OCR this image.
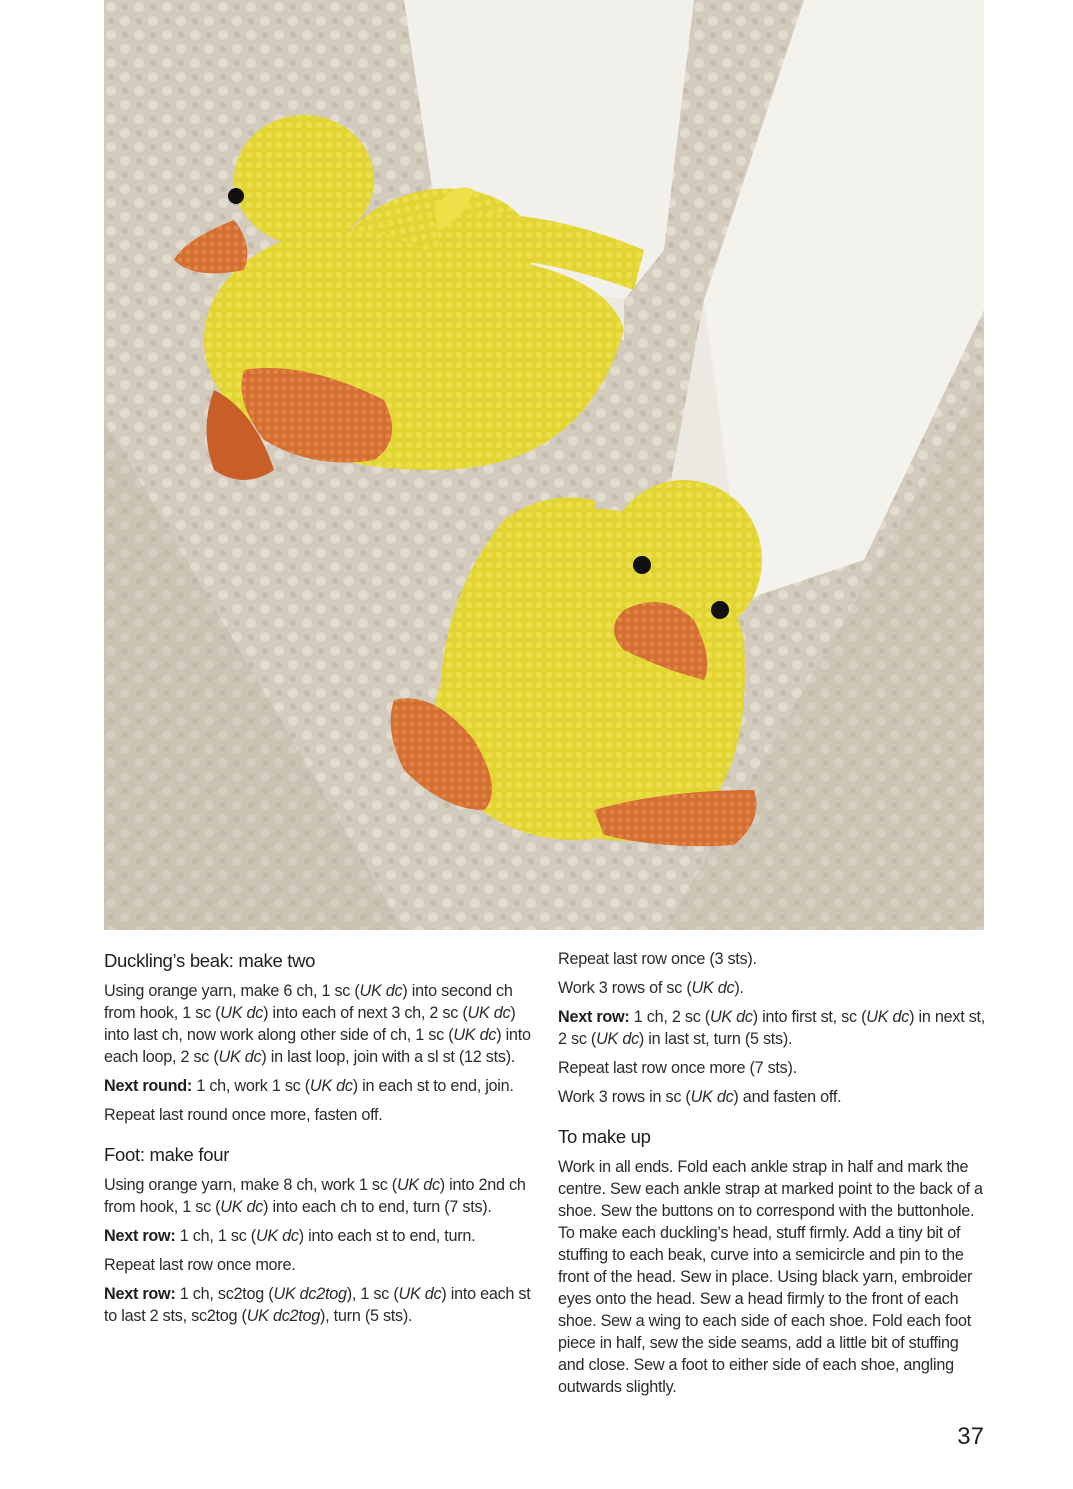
Duckling’s beak: make two

Using orange yarn, make 6 ch, 1 sc (UK dc) into second ch from hook, 1 sc (UK dc) into each of next 3 ch, 2 sc (UK dc) into last ch, now work along other side of ch, 1 sc (UK dc) into each loop, 2 sc (UK dc) in last loop, join with a sl st (12 sts).

Next round: 1 ch, work 1 sc (UK dc) in each st to end, join.

Repeat last round once more, fasten off.

Foot: make four

Using orange yarn, make 8 ch, work 1 sc (UK dc) into 2nd ch from hook, 1 sc (UK dc) into each ch to end, turn (7 sts).

Next row: 1 ch, 1 sc (UK dc) into each st to end, turn.

Repeat last row once more.

Next row: 1 ch, sc2tog (UK dc2tog), 1 sc (UK dc) into each st to last 2 sts, sc2tog (UK dc2tog), turn (5 sts).

Repeat last row once (3 sts).

Work 3 rows of sc (UK dc).

Next row: 1 ch, 2 sc (UK dc) into first st, sc (UK dc) in next st, 2 sc (UK dc) in last st, turn (5 sts).

Repeat last row once more (7 sts).

Work 3 rows in sc (UK dc) and fasten off.

To make up

Work in all ends. Fold each ankle strap in half and mark the centre. Sew each ankle strap at marked point to the back of a shoe. Sew the buttons on to correspond with the buttonhole. To make each duckling’s head, stuff firmly. Add a tiny bit of stuffing to each beak, curve into a semicircle and pin to the front of the head. Sew in place. Using black yarn, embroider eyes onto the head. Sew a head firmly to the front of each shoe. Sew a wing to each side of each shoe. Fold each foot piece in half, sew the side seams, add a little bit of stuffing and close. Sew a foot to either side of each shoe, angling outwards slightly.

37
